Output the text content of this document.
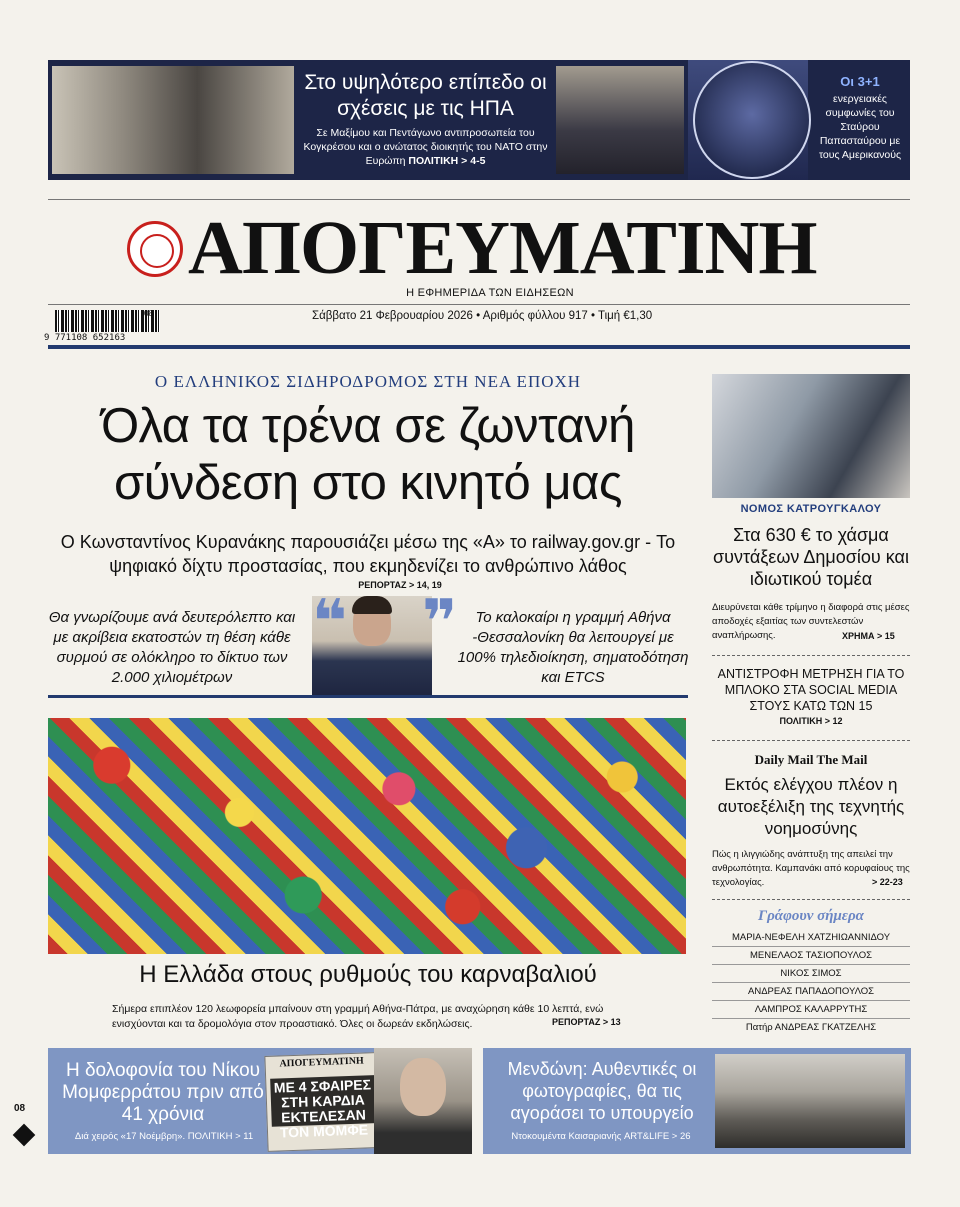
Στο υψηλότερο επίπεδο οι σχέσεις με τις ΗΠΑ
Σε Μαξίμου και Πεντάγωνο αντιπροσωπεία του Κογκρέσου και ο ανώτατος διοικητής του ΝΑΤΟ στην Ευρώπη ΠΟΛΙΤΙΚΗ > 4-5
Οι 3+1
ενεργειακές συμφωνίες του Σταύρου Παπασταύρου με τους Αμερικανούς
ΑΠΟΓΕΥΜΑΤΙΝΗ
Η ΕΦΗΜΕΡΙΔΑ ΤΩΝ ΕΙΔΗΣΕΩΝ
08
9 771108 652163
Σάββατο 21 Φεβρουαρίου 2026 • Αριθμός φύλλου 917 • Τιμή €1,30
Ο ΕΛΛΗΝΙΚΟΣ ΣΙΔΗΡΟΔΡΟΜΟΣ ΣΤΗ ΝΕΑ ΕΠΟΧΗ
Όλα τα τρένα σε ζωντανή σύνδεση στο κινητό μας
Ο Κωνσταντίνος Κυρανάκης παρουσιάζει μέσω της «Α» το railway.gov.gr - Το ψηφιακό δίχτυ προστασίας, που εκμηδενίζει το ανθρώπινο λάθος
ΡΕΠΟΡΤΑΖ > 14, 19
Θα γνωρίζουμε ανά δευτερόλεπτο και με ακρίβεια εκατοστών τη θέση κάθε συρμού σε ολόκληρο το δίκτυο των 2.000 χιλιομέτρων
❝ ❞	Το καλοκαίρι η γραμμή Αθήνα -Θεσσαλονίκη θα λειτουργεί με 100% τηλεδιοίκηση, σηματοδότηση και ETCS
Η Ελλάδα στους ρυθμούς του καρναβαλιού
Σήμερα επιπλέον 120 λεωφορεία μπαίνουν στη γραμμή Αθήνα-Πάτρα, με αναχώρηση κάθε 10 λεπτά, ενώ ενισχύονται και τα δρομολόγια στον προαστιακό. Όλες οι δωρεάν εκδηλώσεις.	ΡΕΠΟΡΤΑΖ > 13
ΝΟΜΟΣ ΚΑΤΡΟΥΓΚΑΛΟΥ
Στα 630 € το χάσμα συντάξεων Δημοσίου και ιδιωτικού τομέα
Διευρύνεται κάθε τρίμηνο η διαφορά στις μέσες αποδοχές εξαιτίας των συντελεστών αναπλήρωσης.	ΧΡΗΜΑ > 15
ΑΝΤΙΣΤΡΟΦΗ ΜΕΤΡΗΣΗ ΓΙΑ ΤΟ ΜΠΛΟΚΟ ΣΤΑ SOCIAL MEDIA ΣΤΟΥΣ ΚΑΤΩ ΤΩΝ 15
ΠΟΛΙΤΙΚΗ > 12
Daily Mail The Mail
Εκτός ελέγχου πλέον η αυτοεξέλιξη της τεχνητής νοημοσύνης
Πώς η ιλιγγιώδης ανάπτυξη της απειλεί την ανθρωπότητα. Καμπανάκι από κορυφαίους της τεχνολογίας.	> 22-23
Γράφουν σήμερα
ΜΑΡΙΑ-ΝΕΦΕΛΗ ΧΑΤΖΗΙΩΑΝΝΙΔΟΥ
ΜΕΝΕΛΑΟΣ ΤΑΣΙΟΠΟΥΛΟΣ
ΝΙΚΟΣ ΣΙΜΟΣ
ΑΝΔΡΕΑΣ ΠΑΠΑΔΟΠΟΥΛΟΣ
ΛΑΜΠΡΟΣ ΚΑΛΑΡΡΥΤΗΣ
Πατήρ ΑΝΔΡΕΑΣ ΓΚΑΤΖΕΛΗΣ
Η δολοφονία του Νίκου Μομφερράτου πριν από 41 χρόνια
Διά χειρός «17 Νοέμβρη». ΠΟΛΙΤΙΚΗ > 11
ΑΠΟΓΕΥΜΑΤΙΝΗ
ΜΕ 4 ΣΦΑΙΡΕΣ ΣΤΗ ΚΑΡΔΙΑ ΕΚΤΕΛΕΣΑΝ ΤΟΝ ΜΟΜΦΕ
Μενδώνη: Αυθεντικές οι φωτογραφίες, θα τις αγοράσει το υπουργείο
Ντοκουμέντα Καισαριανής ART&LIFE > 26
08
